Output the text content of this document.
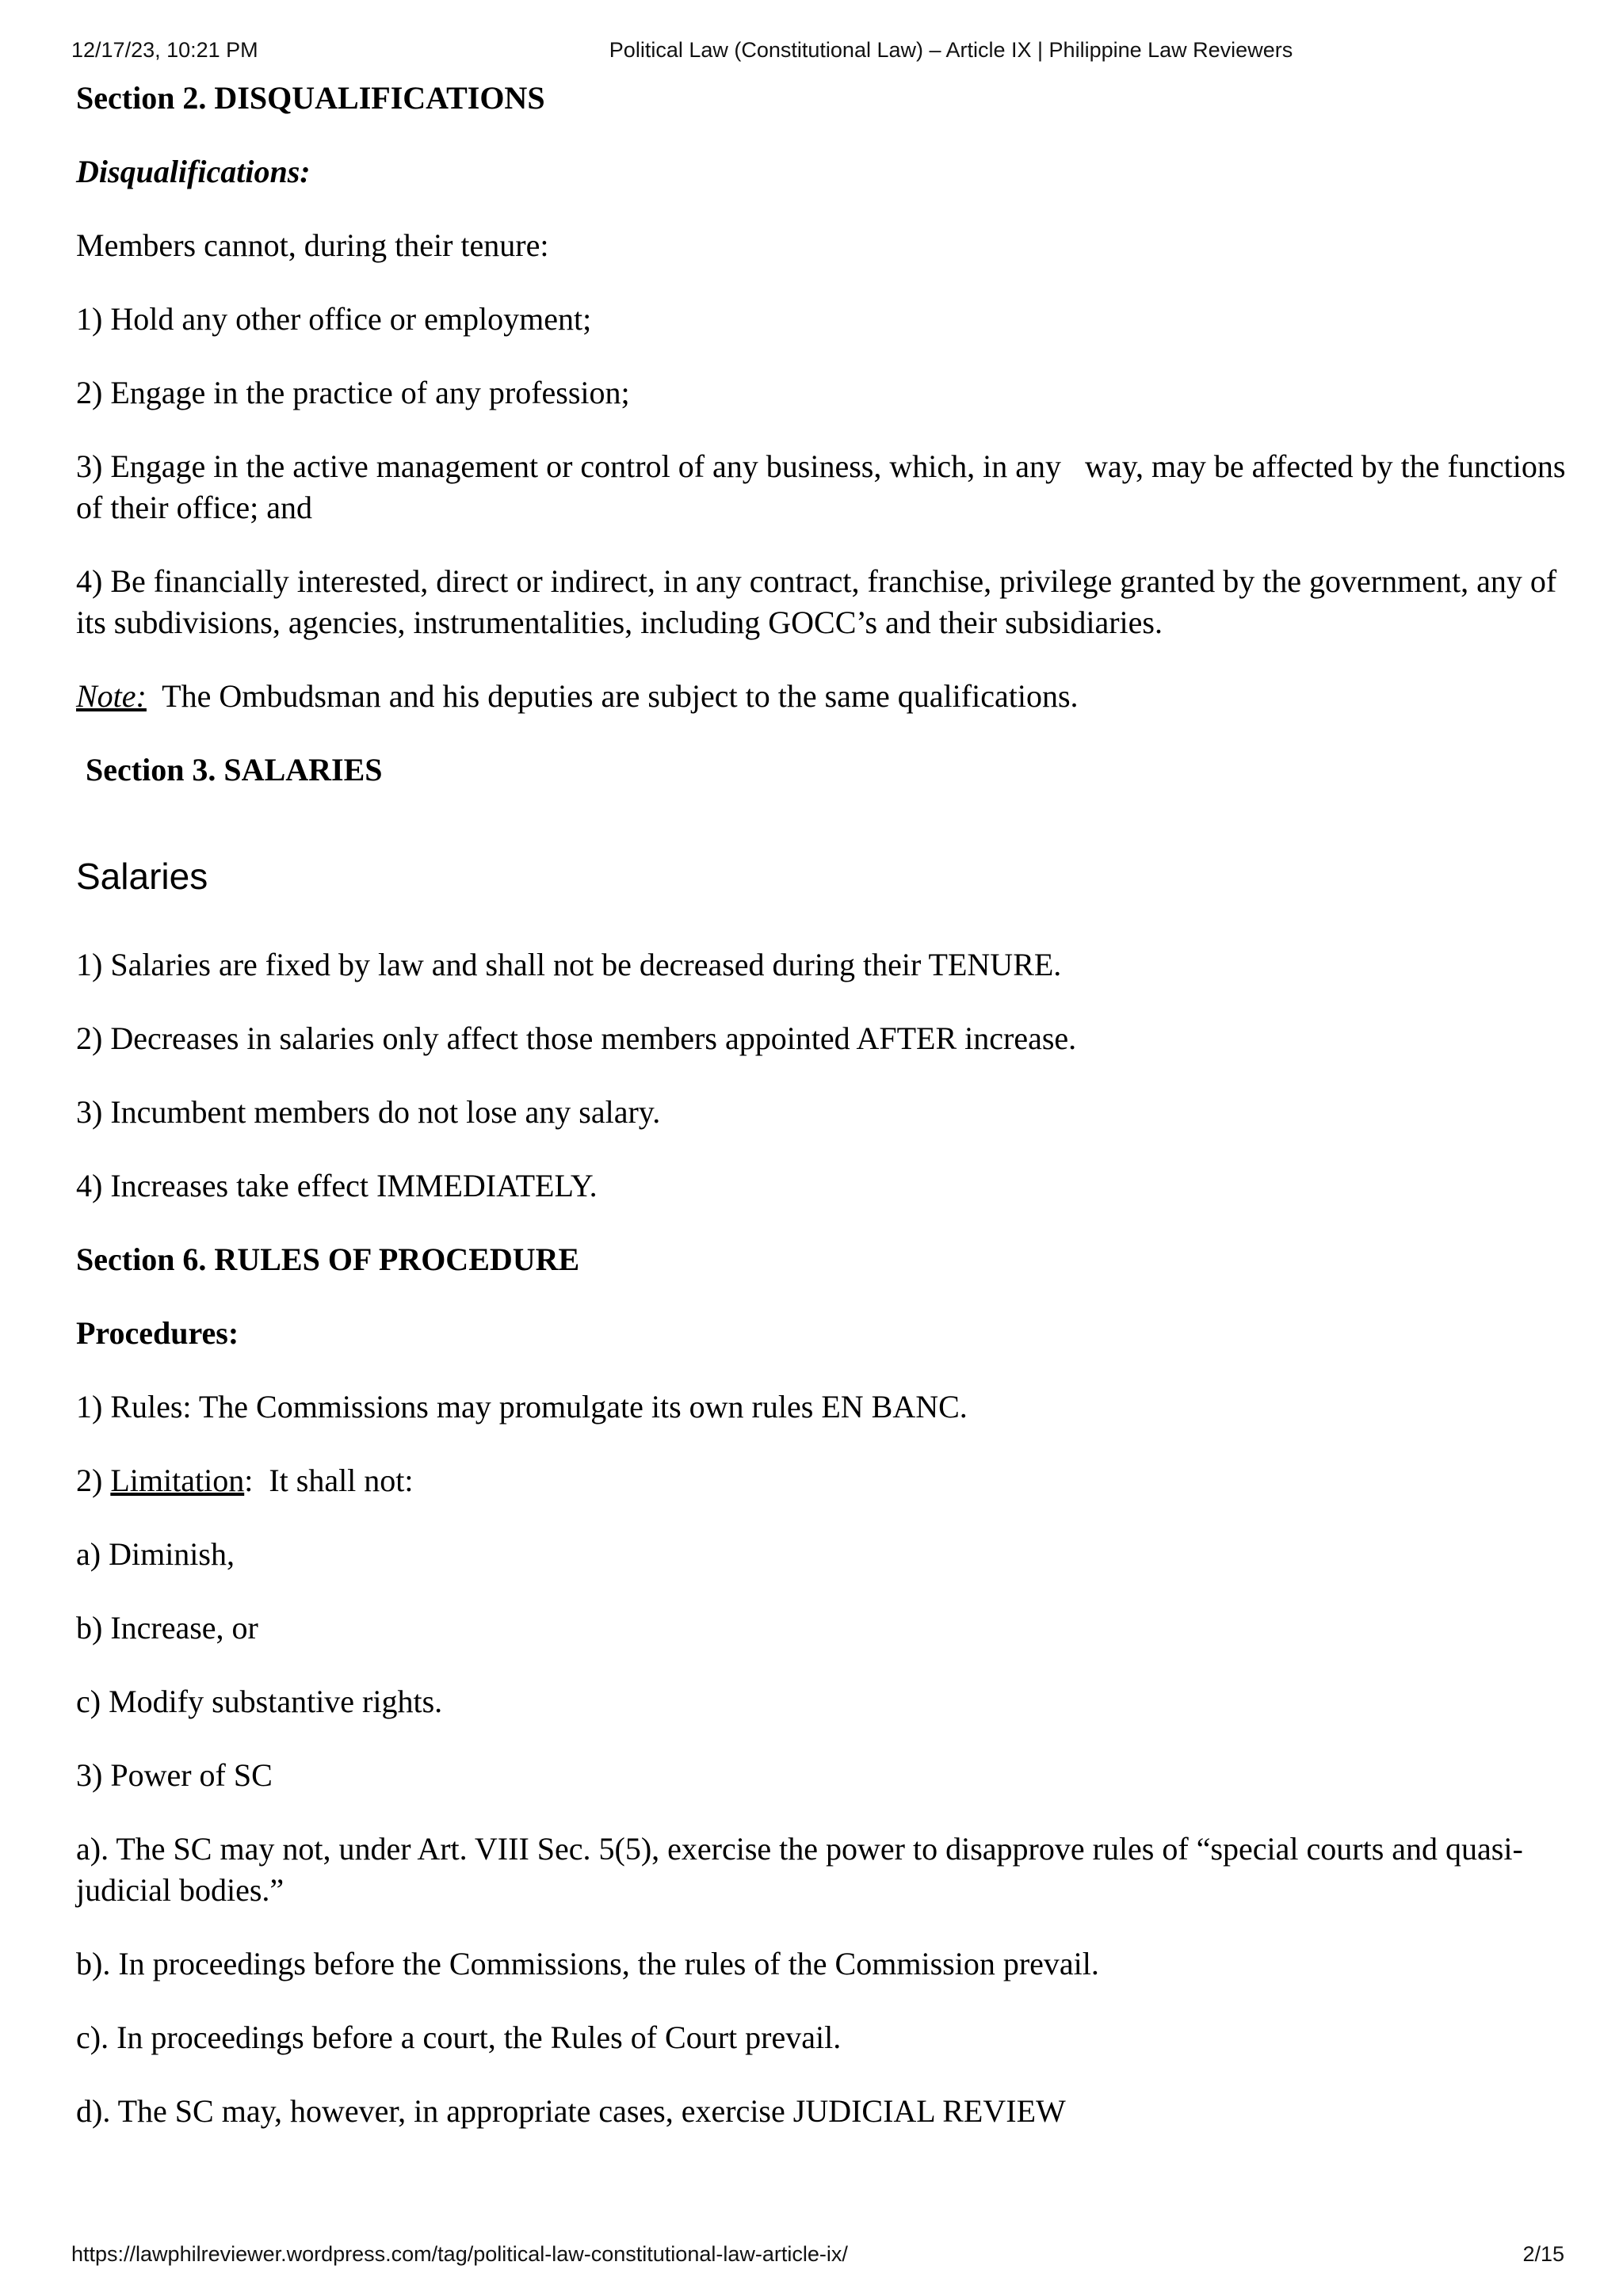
12/17/23, 10:21 PM	Political Law (Constitutional Law) – Article IX | Philippine Law Reviewers

Section 2. DISQUALIFICATIONS

Disqualifications:

Members cannot, during their tenure:

1) Hold any other office or employment;

2) Engage in the practice of any profession;

3) Engage in the active management or control of any business, which, in any   way, may be affected by the functions of their office; and

4) Be financially interested, direct or indirect, in any contract, franchise, privilege granted by the government, any of its subdivisions, agencies, instrumentalities, including GOCC’s and their subsidiaries.

Note:  The Ombudsman and his deputies are subject to the same qualifications.

Section 3. SALARIES

Salaries

1) Salaries are fixed by law and shall not be decreased during their TENURE.

2) Decreases in salaries only affect those members appointed AFTER increase.

3) Incumbent members do not lose any salary.

4) Increases take effect IMMEDIATELY.

Section 6. RULES OF PROCEDURE

Procedures:

1) Rules: The Commissions may promulgate its own rules EN BANC.

2) Limitation:  It shall not:

a) Diminish,

b) Increase, or

c) Modify substantive rights.

3) Power of SC

a). The SC may not, under Art. VIII Sec. 5(5), exercise the power to disapprove rules of “special courts and quasi-judicial bodies.”

b). In proceedings before the Commissions, the rules of the Commission prevail.

c). In proceedings before a court, the Rules of Court prevail.

d). The SC may, however, in appropriate cases, exercise JUDICIAL REVIEW

https://lawphilreviewer.wordpress.com/tag/political-law-constitutional-law-article-ix/	2/15
